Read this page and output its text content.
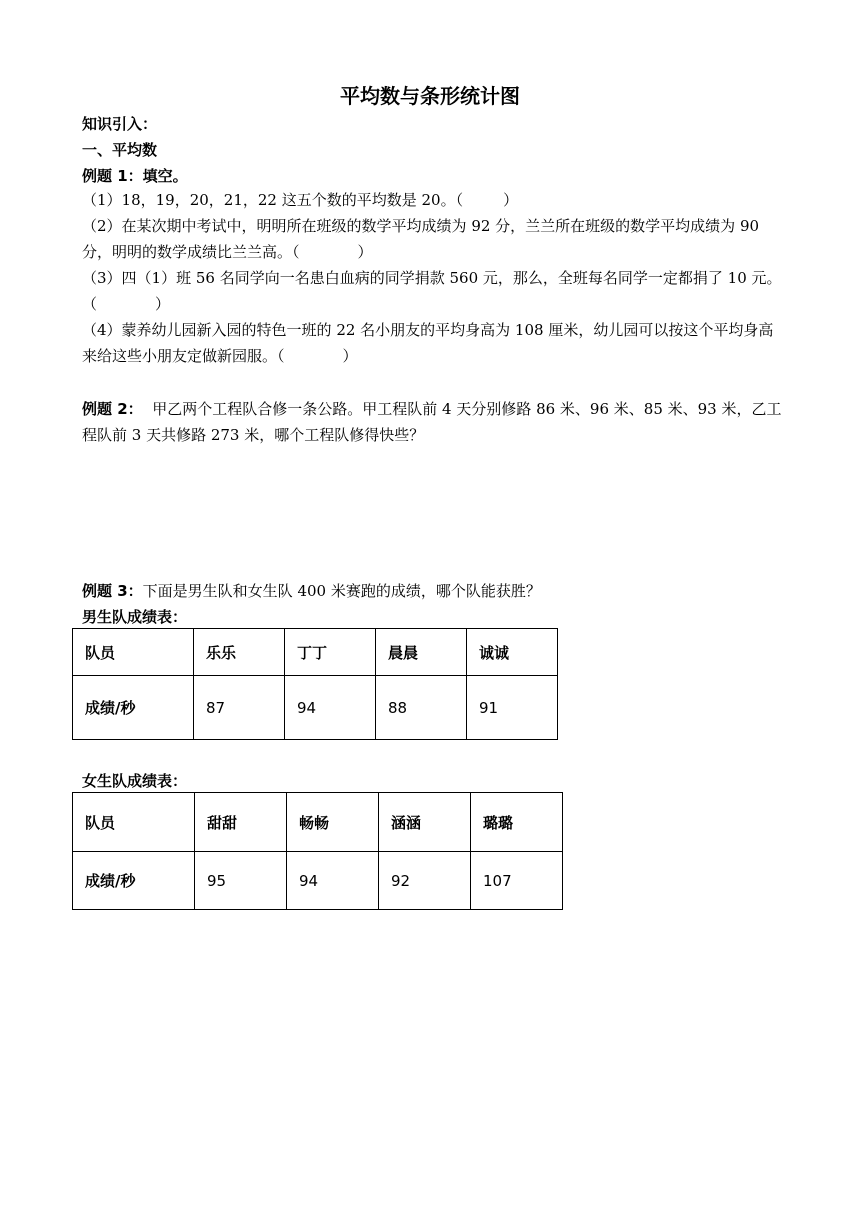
平均数与条形统计图
知识引入：
一、平均数
例题 1：填空。
（1）18，19，20，21，22 这五个数的平均数是 20。（	）
（2）在某次期中考试中，明明所在班级的数学平均成绩为 92 分，兰兰所在班级的数学平均成绩为 90 分，明明的数学成绩比兰兰高。（	）
（3）四（1）班 56 名同学向一名患白血病的同学捐款 560 元，那么，全班每名同学一定都捐了 10 元。（	）
（4）蒙养幼儿园新入园的特色一班的 22 名小朋友的平均身高为 108 厘米，幼儿园可以按这个平均身高来给这些小朋友定做新园服。（	）
例题 2： 甲乙两个工程队合修一条公路。甲工程队前 4 天分别修路 86 米、96 米、85 米、93 米，乙工程队前 3 天共修路 273 米，哪个工程队修得快些？
例题 3：下面是男生队和女生队 400 米赛跑的成绩，哪个队能获胜？
男生队成绩表：
队员	乐乐	丁丁	晨晨	诚诚
成绩/秒	87	94	88	91
女生队成绩表：
队员	甜甜	畅畅	涵涵	璐璐
成绩/秒	95	94	92	107
